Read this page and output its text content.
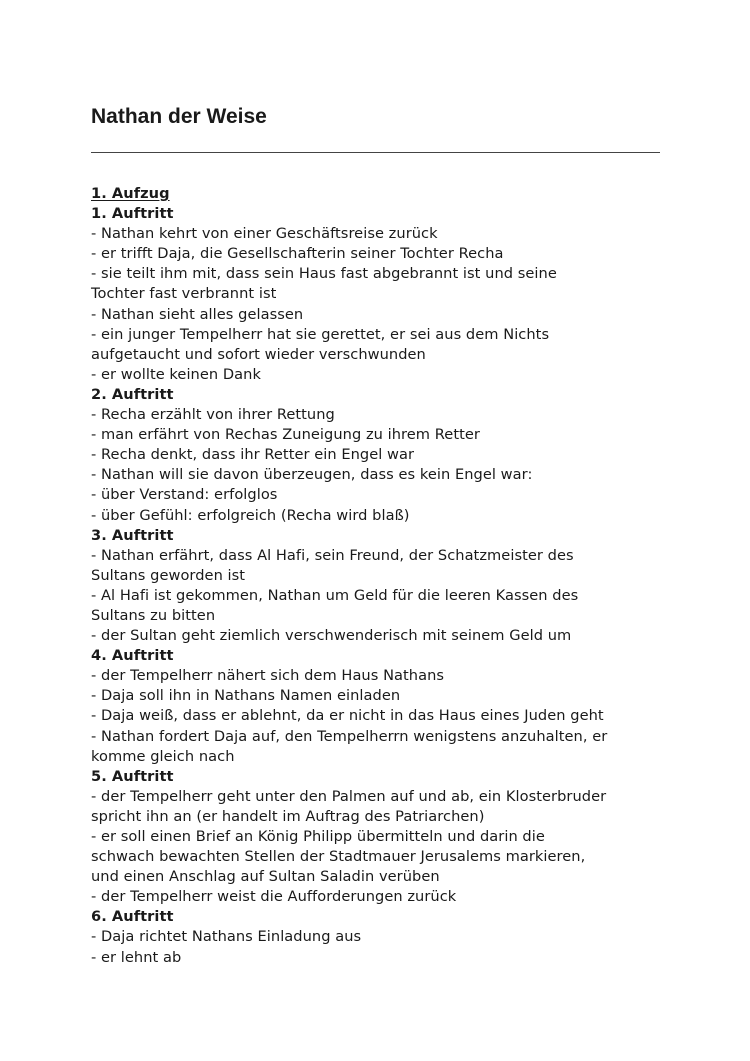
Nathan der Weise
1. Aufzug
1. Auftritt
- Nathan kehrt von einer Geschäftsreise zurück
- er trifft Daja, die Gesellschafterin seiner Tochter Recha
- sie teilt ihm mit, dass sein Haus fast abgebrannt ist und seine
Tochter fast verbrannt ist
- Nathan sieht alles gelassen
- ein junger Tempelherr hat sie gerettet, er sei aus dem Nichts
aufgetaucht und sofort wieder verschwunden
- er wollte keinen Dank
2. Auftritt
- Recha erzählt von ihrer Rettung
- man erfährt von Rechas Zuneigung zu ihrem Retter
- Recha denkt, dass ihr Retter ein Engel war
- Nathan will sie davon überzeugen, dass es kein Engel war:
- über Verstand: erfolglos
- über Gefühl: erfolgreich (Recha wird blaß)
3. Auftritt
- Nathan erfährt, dass Al Hafi, sein Freund, der Schatzmeister des
Sultans geworden ist
- Al Hafi ist gekommen, Nathan um Geld für die leeren Kassen des
Sultans zu bitten
- der Sultan geht ziemlich verschwenderisch mit seinem Geld um
4. Auftritt
- der Tempelherr nähert sich dem Haus Nathans
- Daja soll ihn in Nathans Namen einladen
- Daja weiß, dass er ablehnt, da er nicht in das Haus eines Juden geht
- Nathan fordert Daja auf, den Tempelherrn wenigstens anzuhalten, er
komme gleich nach
5. Auftritt
- der Tempelherr geht unter den Palmen auf und ab, ein Klosterbruder
spricht ihn an (er handelt im Auftrag des Patriarchen)
- er soll einen Brief an König Philipp übermitteln und darin die
schwach bewachten Stellen der Stadtmauer Jerusalems markieren,
und einen Anschlag auf Sultan Saladin verüben
- der Tempelherr weist die Aufforderungen zurück
6. Auftritt
- Daja richtet Nathans Einladung aus
- er lehnt ab
